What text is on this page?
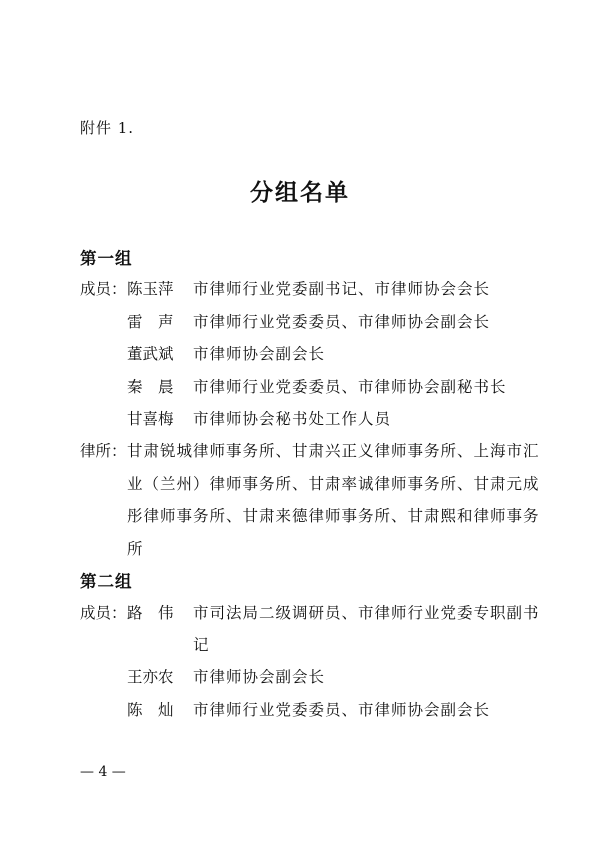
附件 1.
分组名单
第一组
成员： 陈玉萍 市律师行业党委副书记、市律师协会会长
雷　声 市律师行业党委委员、市律师协会副会长
董武斌 市律师协会副会长
秦　晨 市律师行业党委委员、市律师协会副秘书长
甘喜梅 市律师协会秘书处工作人员
律所： 甘肃锐城律师事务所、甘肃兴正义律师事务所、上海市汇
业（兰州）律师事务所、甘肃率诚律师事务所、甘肃元成
彤律师事务所、甘肃来德律师事务所、甘肃熙和律师事务
所
第二组
成员： 路　伟 市司法局二级调研员、市律师行业党委专职副书
记
王亦农 市律师协会副会长
陈　灿 市律师行业党委委员、市律师协会副会长
— 4 —
